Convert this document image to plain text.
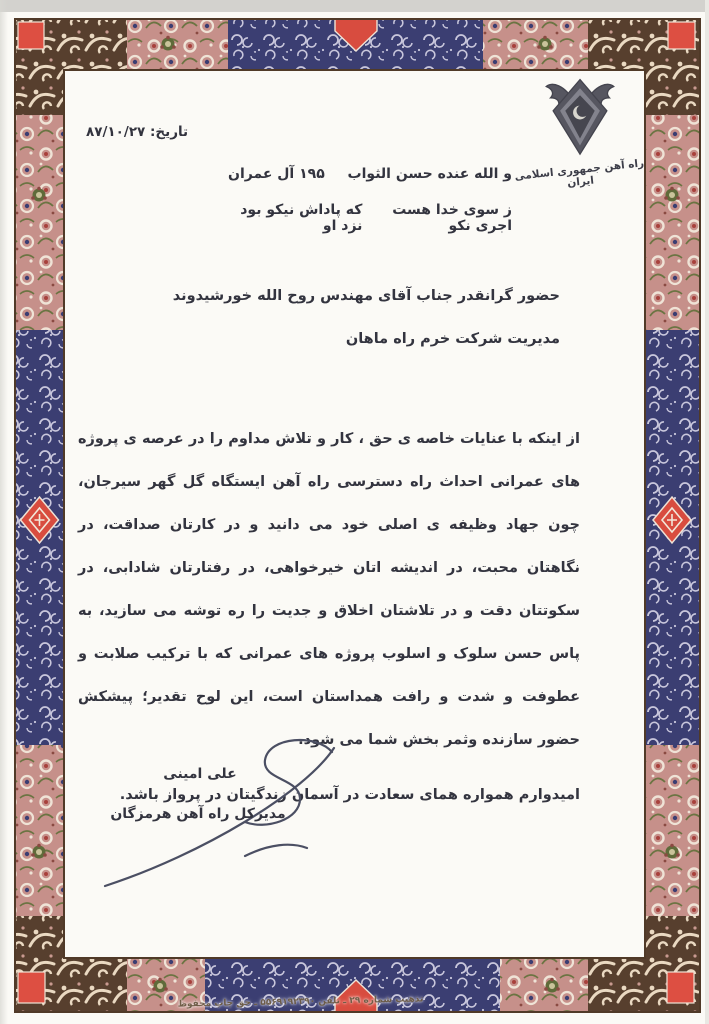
راه آهن جمهوری اسلامی ایران
تاریخ: ۸۷/۱۰/۲۷
و الله عنده حسن الثواب
۱۹۵ آل عمران
ز سوی خدا هست اجری نکو
که پاداش نیکو بود نزد او
حضور گرانقدر جناب آقای مهندس روح الله خورشیدوند
مدیریت شرکت خرم راه ماهان

از اینکه با عنایات خاصه ی حق ، کار و تلاش مداوم را در عرصه ی پروژه های عمرانی احداث راه دسترسی راه آهن ایستگاه گل گهر سیرجان، چون جهاد وظیفه ی اصلی خود می دانید و در کارتان صداقت، در نگاهتان محبت، در اندیشه اتان خیرخواهی، در رفتارتان شادابی، در سکوتتان دقت و در تلاشتان اخلاق و جدیت را ره توشه می سازید، به پاس حسن سلوک و اسلوب پروژه های عمرانی که با ترکیب صلابت و عطوفت و شدت و رافت همداستان است، این لوح تقدیر؛ پیشکش حضور سازنده وثمر بخش شما می شود.

امیدوارم همواره همای سعادت در آسمان زندگیتان در پرواز باشد.

علی امینی
مدیرکل راه آهن هرمزگان
تذهیب شماره ۲۹ ـ تلفن ۵۵۶۹۱۹۲۳۹۰ ـ حق چاپ محفوظ
